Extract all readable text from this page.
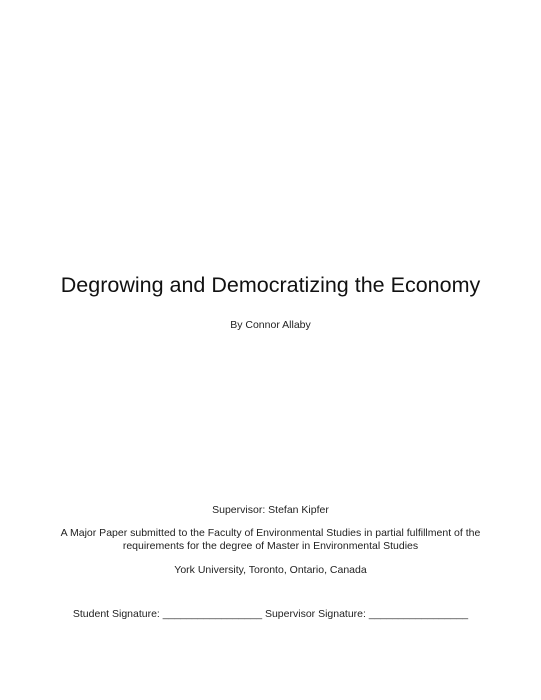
Degrowing and Democratizing the Economy
By Connor Allaby
Supervisor: Stefan Kipfer
A Major Paper submitted to the Faculty of Environmental Studies in partial fulfillment of the
requirements for the degree of Master in Environmental Studies
York University, Toronto, Ontario, Canada
Student Signature: _________________ Supervisor Signature: _________________
